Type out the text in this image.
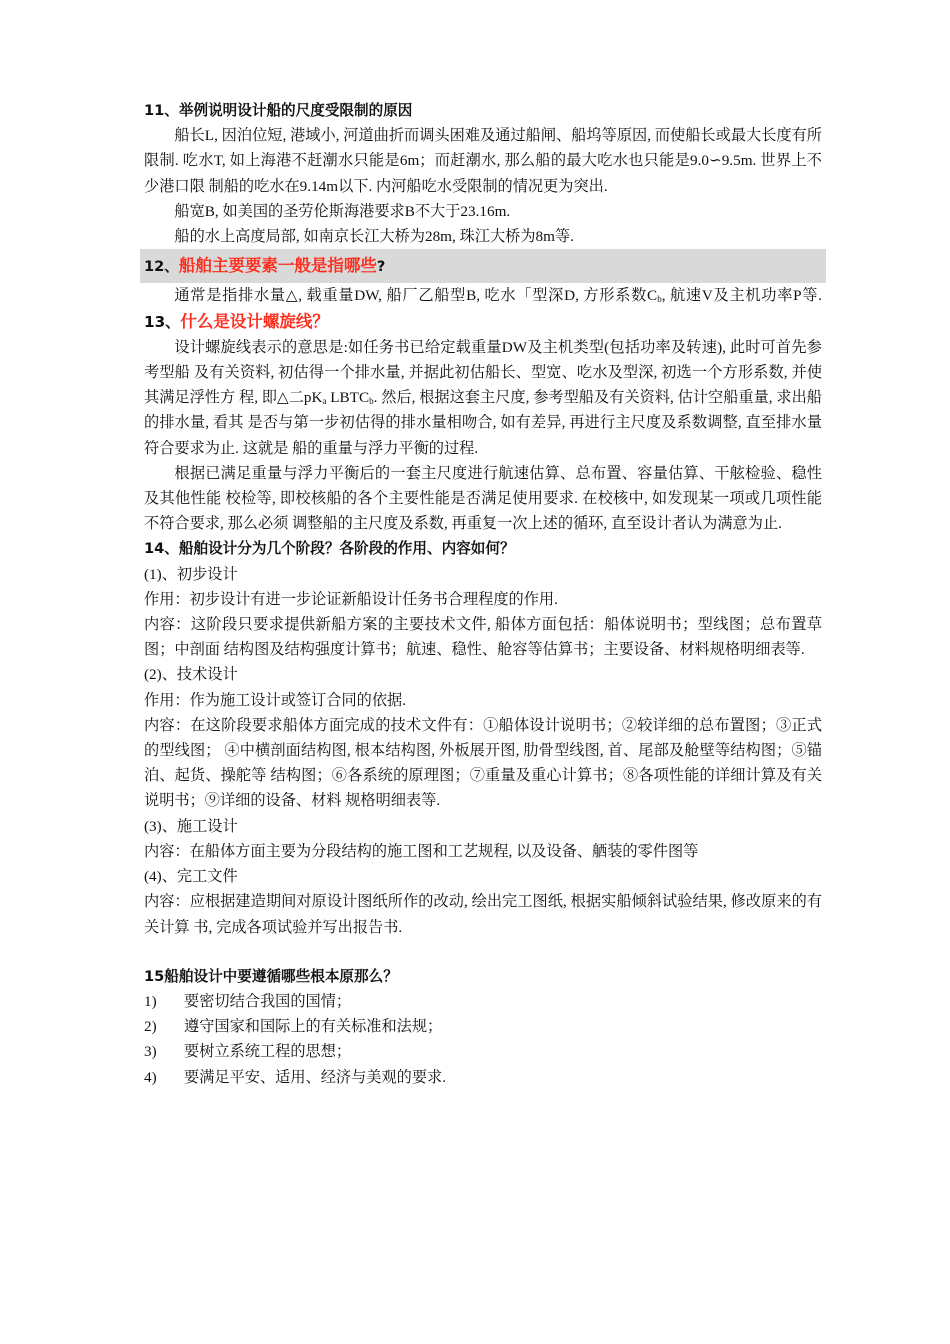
11、举例说明设计船的尺度受限制的原因

船长L, 因泊位短, 港域小, 河道曲折而调头困难及通过船闸、船坞等原因, 而使船长或最大长度有所限制. 吃水T, 如上海港不赶潮水只能是6m；而赶潮水, 那么船的最大吃水也只能是9.0∽9.5m. 世界上不少港口限 制船的吃水在9.14m以下. 内河船吃水受限制的情况更为突出.

船宽B, 如美国的圣劳伦斯海港要求B不大于23.16m.

船的水上高度局部, 如南京长江大桥为28m, 珠江大桥为8m等.

12、船舶主要要素一般是指哪些?

通常是指排水量△, 载重量DW, 船厂乙船型B, 吃水「型深D, 方形系数$C_b$, 航速V及主机功率P等. 13、什么是设计螺旋线？

设计螺旋线表示的意思是:如任务书已给定载重量DW及主机类型(包括功率及转速), 此时可首先参考型船 及有关资料, 初估得一个排水量, 并据此初估船长、型宽、吃水及型深, 初选一个方形系数, 并使其满足浮性方 程, 即△二$pK_a$ $LBTC_b$. 然后, 根据这套主尺度, 参考型船及有关资料, 估计空船重量, 求出船的排水量, 看其 是否与第一步初估得的排水量相吻合, 如有差异, 再进行主尺度及系数调整, 直至排水量符合要求为止. 这就是 船的重量与浮力平衡的过程.

根据已满足重量与浮力平衡后的一套主尺度进行航速估算、总布置、容量估算、干舷检验、稳性及其他性能 校检等, 即校核船的各个主要性能是否满足使用要求. 在校核中, 如发现某一项或几项性能不符合要求, 那么必须 调整船的主尺度及系数, 再重复一次上述的循环, 直至设计者认为满意为止.

14、船舶设计分为几个阶段？各阶段的作用、内容如何？

(1)、初步设计

作用：初步设计有进一步论证新船设计任务书合理程度的作用.

内容：这阶段只要求提供新船方案的主要技术文件, 船体方面包括：船体说明书；型线图；总布置草图；中剖面 结构图及结构强度计算书；航速、稳性、舱容等估算书；主要设备、材料规格明细表等.

(2)、技术设计

作用：作为施工设计或签订合同的依据.

内容：在这阶段要求船体方面完成的技术文件有：①船体设计说明书；②较详细的总布置图；③正式的型线图； ④中横剖面结构图, 根本结构图, 外板展开图, 肋骨型线图, 首、尾部及舱壁等结构图；⑤锚泊、起货、操舵等 结构图；⑥各系统的原理图；⑦重量及重心计算书；⑧各项性能的详细计算及有关说明书；⑨详细的设备、材料 规格明细表等.

(3)、施工设计

内容：在船体方面主要为分段结构的施工图和工艺规程, 以及设备、舾装的零件图等

(4)、完工文件

内容：应根据建造期间对原设计图纸所作的改动, 绘出完工图纸, 根据实船倾斜试验结果, 修改原来的有关计算 书, 完成各项试验并写出报告书.

15船舶设计中要遵循哪些根本原那么？

1)	要密切结合我国的国情；
2)	遵守国家和国际上的有关标准和法规；
3)	要树立系统工程的思想；
4)	要满足平安、适用、经济与美观的要求.
